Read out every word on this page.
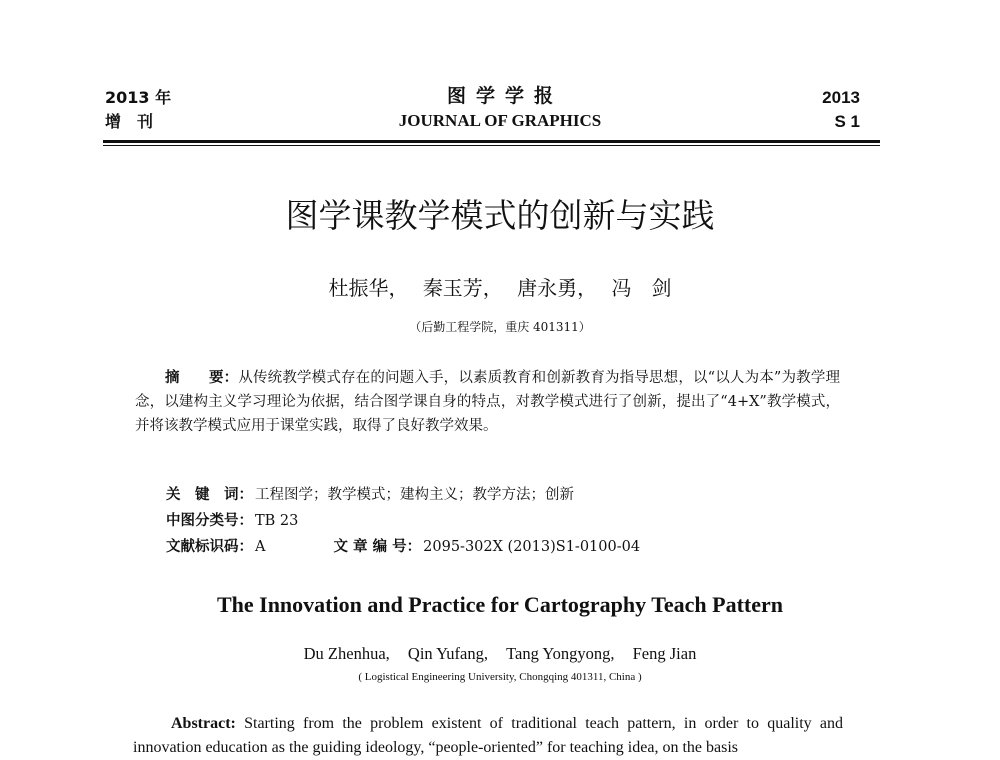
2013 年
增　刊
图学学报
JOURNAL OF GRAPHICS
2013
S 1
图学课教学模式的创新与实践
杜振华， 秦玉芳， 唐永勇， 冯　剑
（后勤工程学院，重庆 401311）
摘　　要：从传统教学模式存在的问题入手，以素质教育和创新教育为指导思想，以“以人为本”为教学理念，以建构主义学习理论为依据，结合图学课自身的特点，对教学模式进行了创新，提出了“4+X”教学模式，并将该教学模式应用于课堂实践，取得了良好教学效果。
关　键　词： 工程图学；教学模式；建构主义；教学方法；创新
中图分类号： TB 23
文献标识码： A	文 章 编 号： 2095-302X (2013)S1-0100-04
The Innovation and Practice for Cartography Teach Pattern
Du Zhenhua, Qin Yufang, Tang Yongyong, Feng Jian
( Logistical Engineering University, Chongqing 401311, China )
Abstract: Starting from the problem existent of traditional teach pattern, in order to quality and innovation education as the guiding ideology, “people-oriented” for teaching idea, on the basis
